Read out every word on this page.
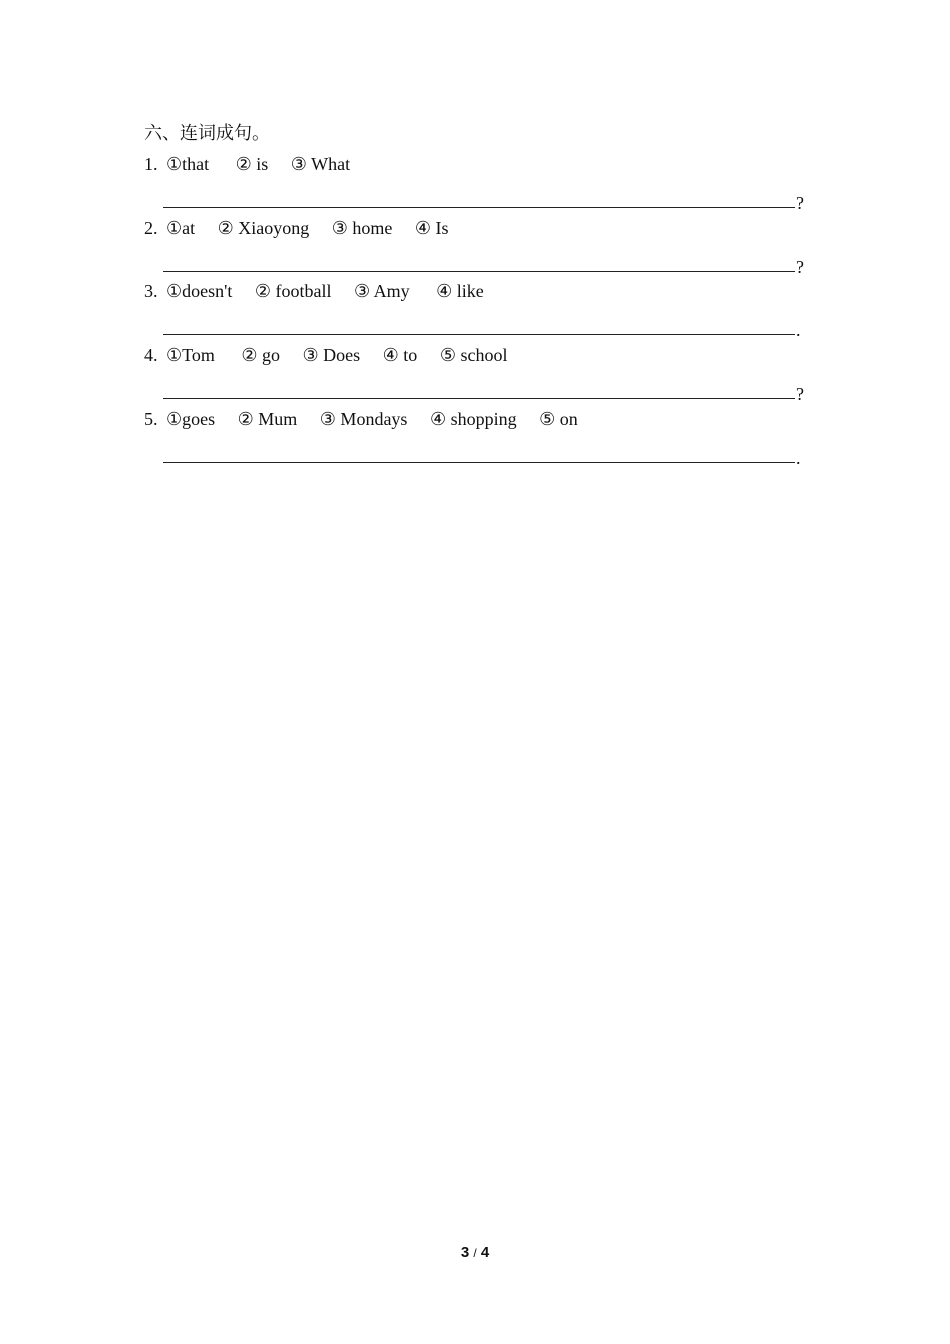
六、连词成句。
1. ①that ② is ③ What
?
2. ①at ② Xiaoyong ③ home ④ Is
?
3. ①doesn't ② football ③ Amy ④ like
.
4. ①Tom ② go ③ Does ④ to ⑤ school
?
5. ①goes ② Mum ③ Mondays ④ shopping ⑤ on
.
3 / 4
